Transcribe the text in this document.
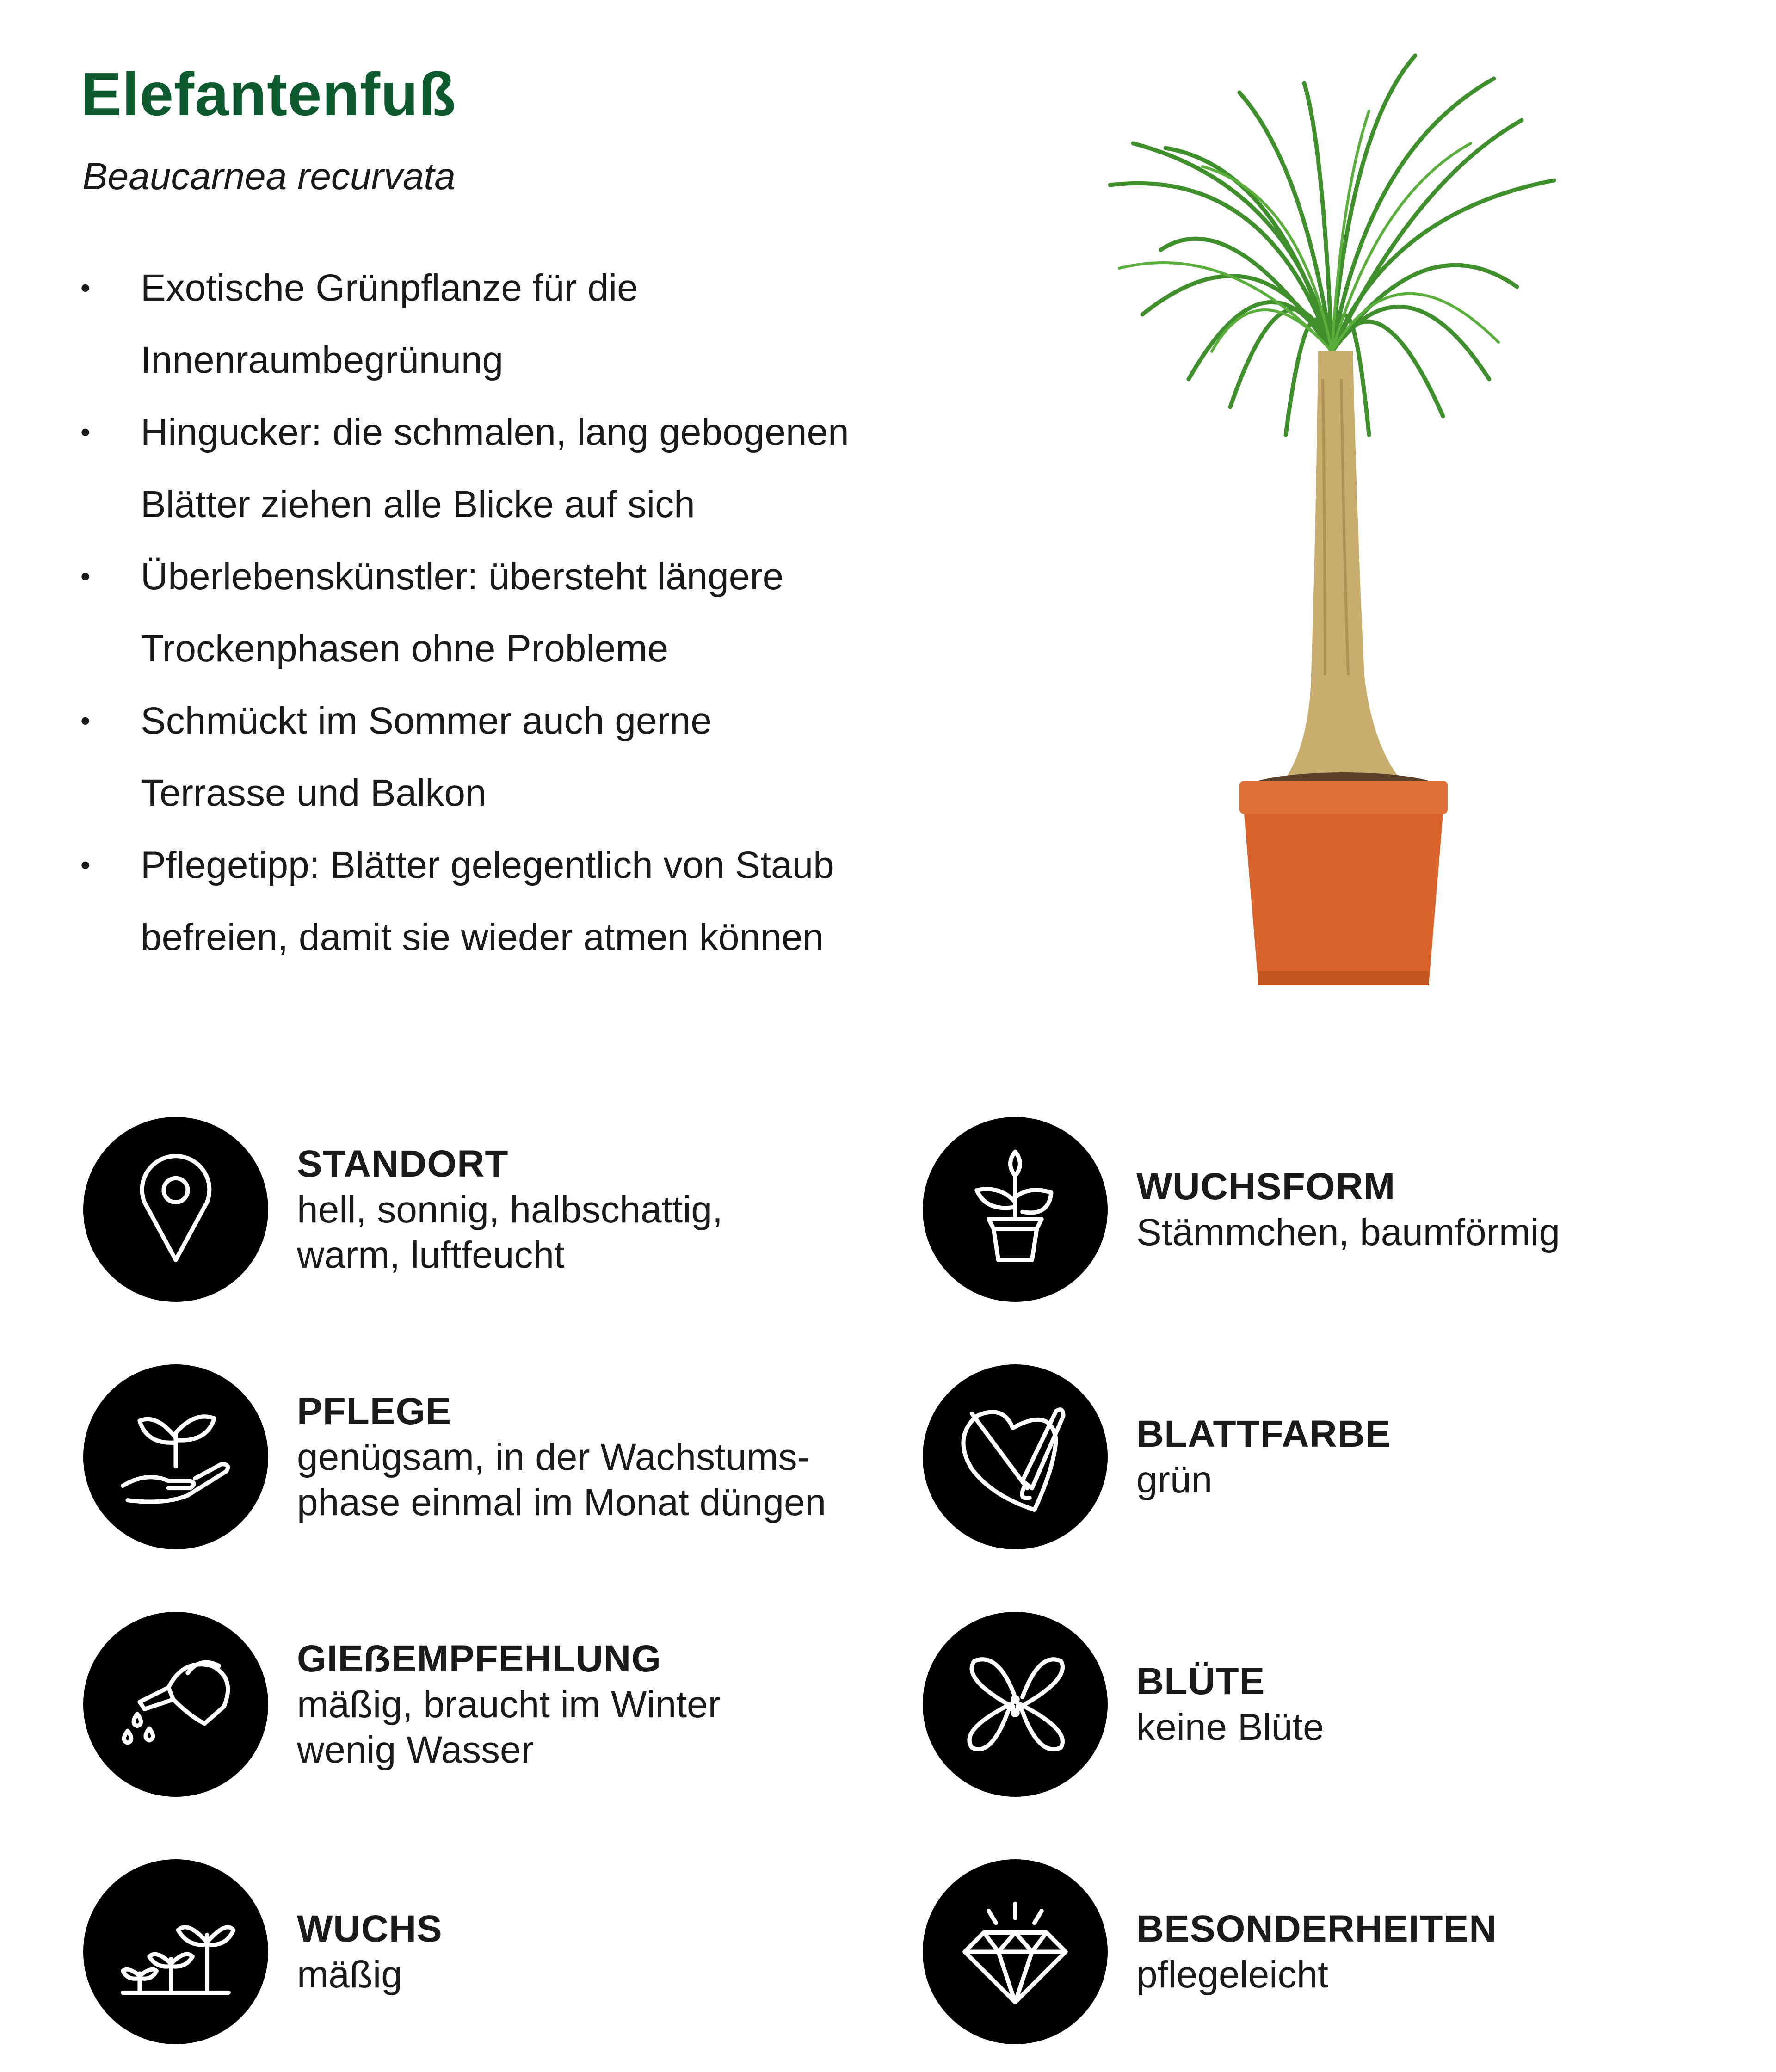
Elefantenfuß

Beaucarnea recurvata

•	Exotische Grünpflanze für die
Innenraumbegrünung
•	Hingucker: die schmalen, lang gebogenen
Blätter ziehen alle Blicke auf sich
•	Überlebenskünstler: übersteht längere
Trockenphasen ohne Probleme
•	Schmückt im Sommer auch gerne
Terrasse und Balkon
•	Pflegetipp: Blätter gelegentlich von Staub
befreien, damit sie wieder atmen können
STANDORT
hell, sonnig, halbschattig,
warm, luftfeucht
WUCHSFORM
Stämmchen, baumförmig
PFLEGE
genügsam, in der Wachstums-
phase einmal im Monat düngen
BLATTFARBE
grün
GIEẞEMPFEHLUNG
mäßig, braucht im Winter
wenig Wasser
BLÜTE
keine Blüte
WUCHS
mäßig
BESONDERHEITEN
pflegeleicht
